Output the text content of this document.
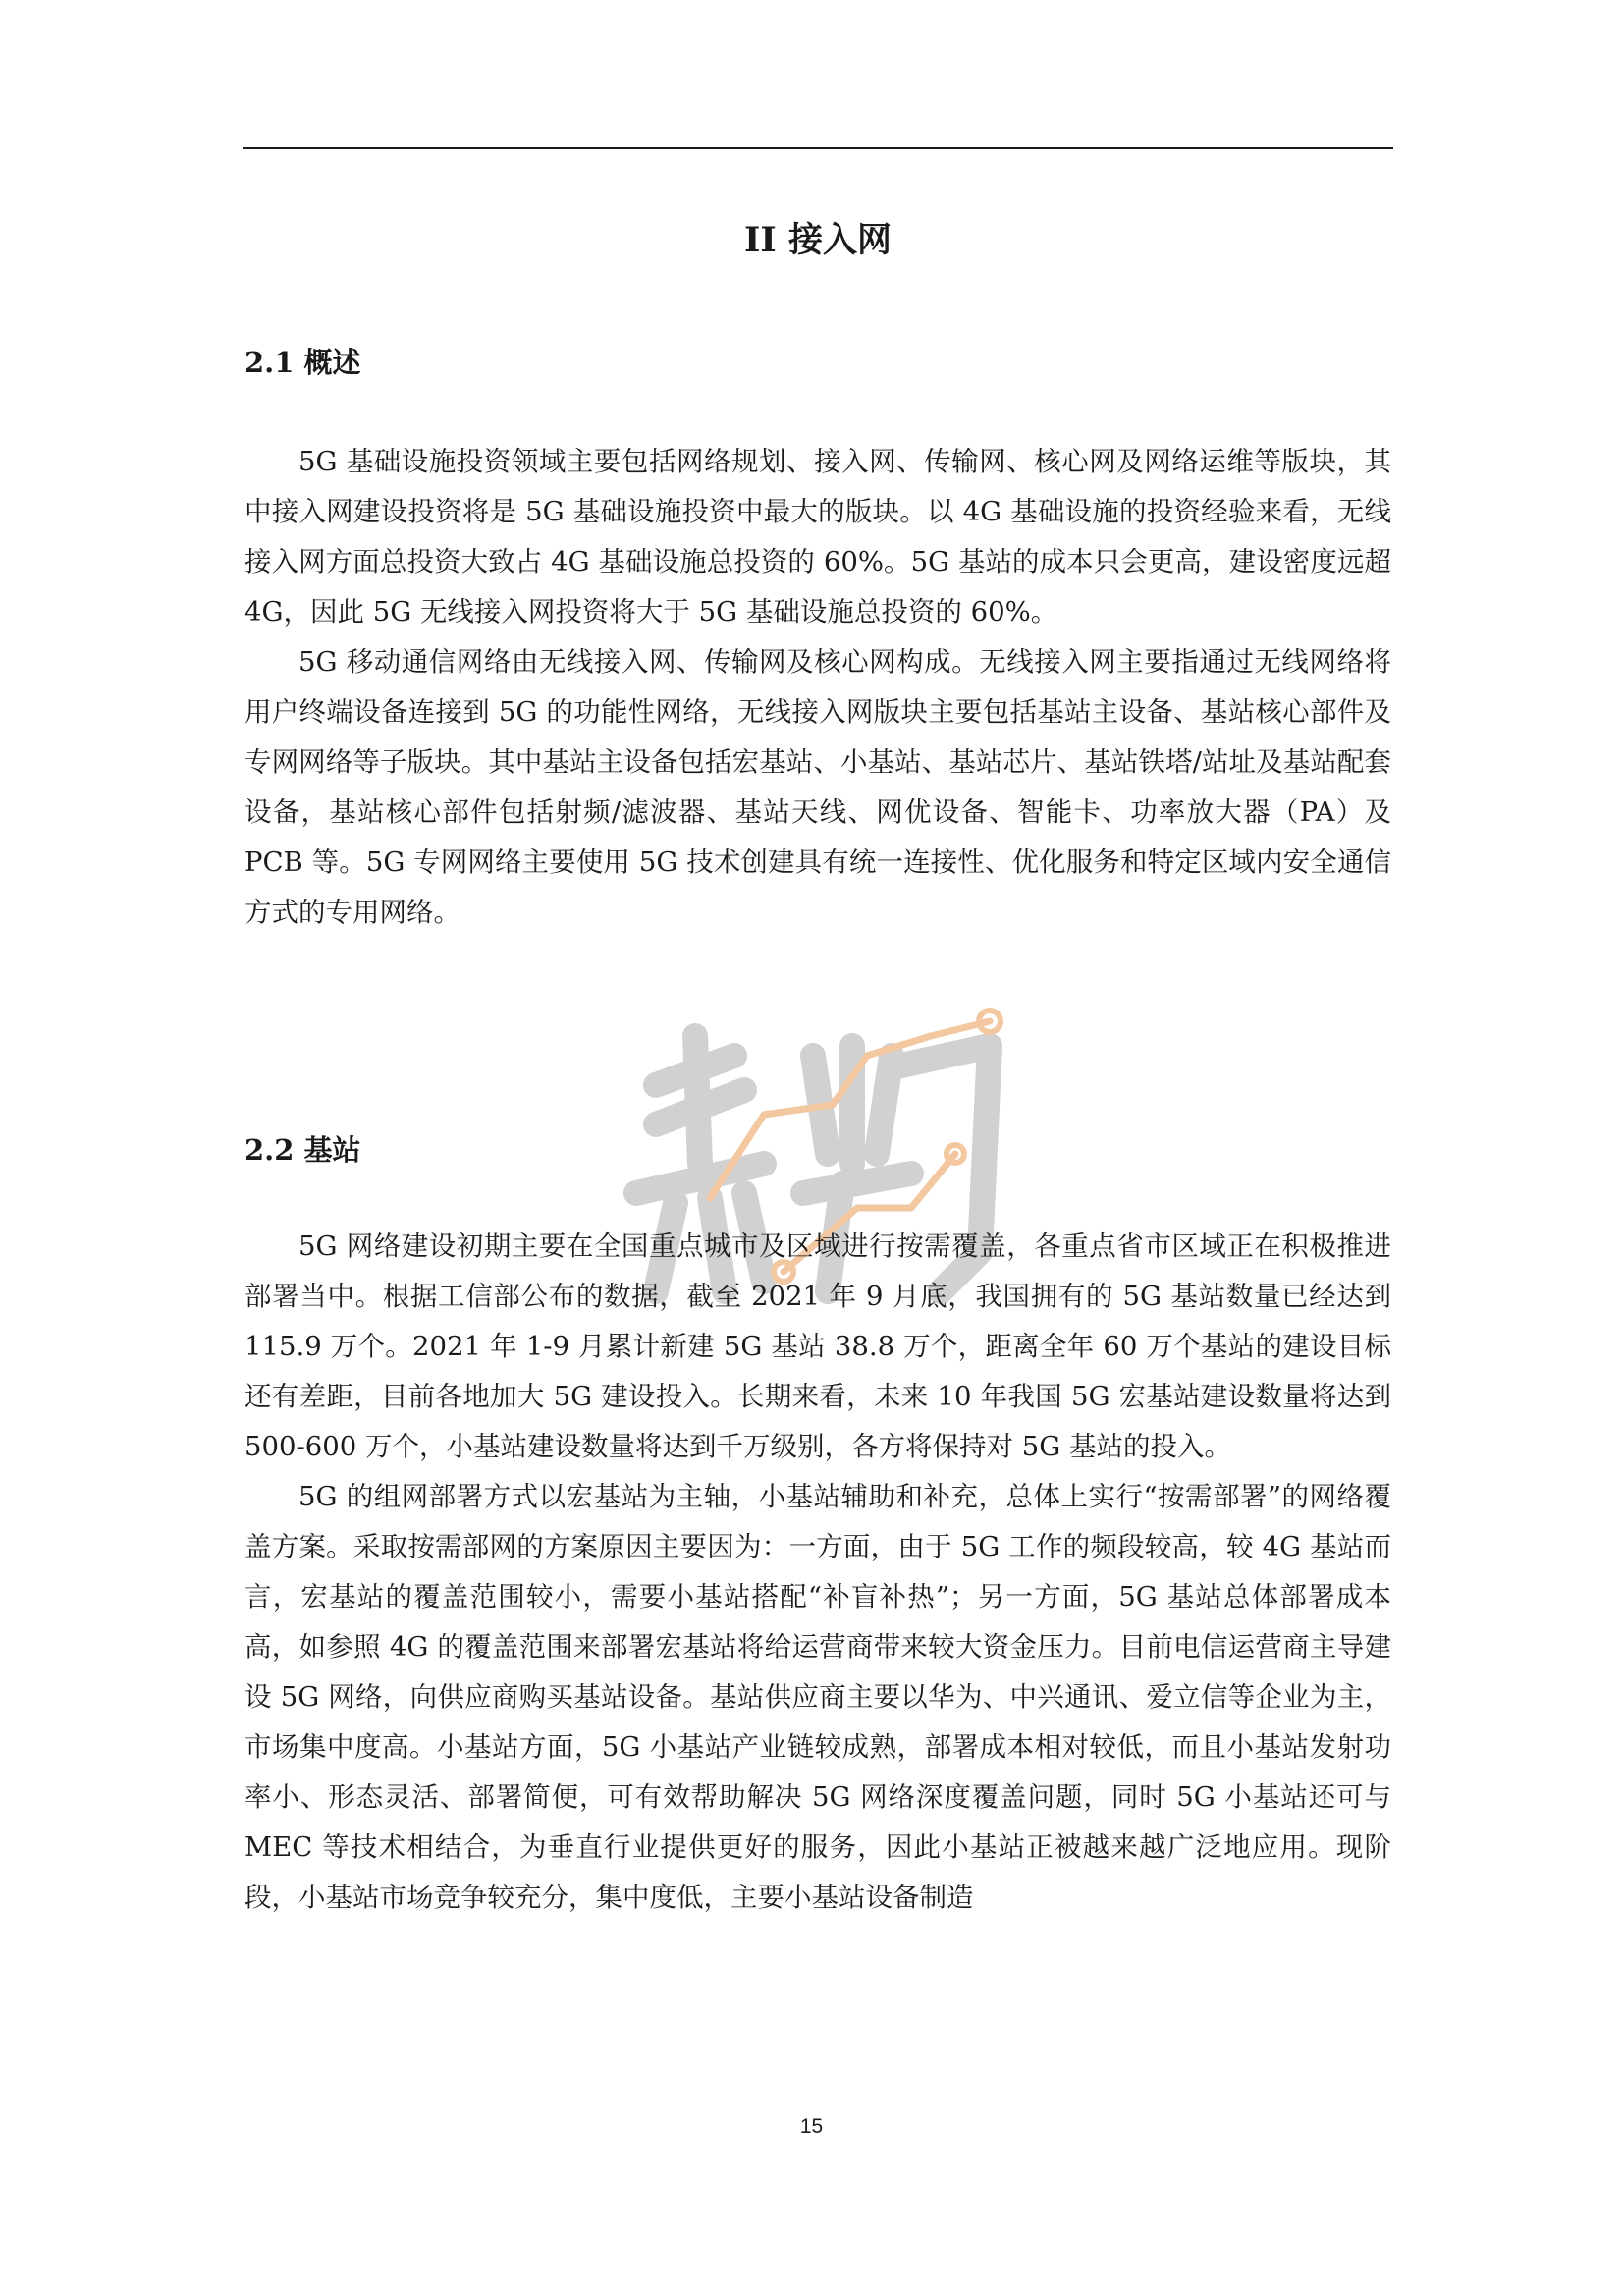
II 接入网
2.1 概述

5G 基础设施投资领域主要包括网络规划、接入网、传输网、核心网及网络运维等版块，其中接入网建设投资将是 5G 基础设施投资中最大的版块。以 4G 基础设施的投资经验来看，无线接入网方面总投资大致占 4G 基础设施总投资的 60%。5G 基站的成本只会更高，建设密度远超 4G，因此 5G 无线接入网投资将大于 5G 基础设施总投资的 60%。

5G 移动通信网络由无线接入网、传输网及核心网构成。无线接入网主要指通过无线网络将用户终端设备连接到 5G 的功能性网络，无线接入网版块主要包括基站主设备、基站核心部件及专网网络等子版块。其中基站主设备包括宏基站、小基站、基站芯片、基站铁塔/站址及基站配套设备，基站核心部件包括射频/滤波器、基站天线、网优设备、智能卡、功率放大器（PA）及 PCB 等。5G 专网网络主要使用 5G 技术创建具有统一连接性、优化服务和特定区域内安全通信方式的专用网络。

2.2 基站

5G 网络建设初期主要在全国重点城市及区域进行按需覆盖，各重点省市区域正在积极推进部署当中。根据工信部公布的数据，截至 2021 年 9 月底，我国拥有的 5G 基站数量已经达到 115.9 万个。2021 年 1-9 月累计新建 5G 基站 38.8 万个，距离全年 60 万个基站的建设目标还有差距，目前各地加大 5G 建设投入。长期来看，未来 10 年我国 5G 宏基站建设数量将达到 500-600 万个，小基站建设数量将达到千万级别，各方将保持对 5G 基站的投入。

5G 的组网部署方式以宏基站为主轴，小基站辅助和补充，总体上实行“按需部署”的网络覆盖方案。采取按需部网的方案原因主要因为：一方面，由于 5G 工作的频段较高，较 4G 基站而言，宏基站的覆盖范围较小，需要小基站搭配“补盲补热”；另一方面，5G 基站总体部署成本高，如参照 4G 的覆盖范围来部署宏基站将给运营商带来较大资金压力。目前电信运营商主导建设 5G 网络，向供应商购买基站设备。基站供应商主要以华为、中兴通讯、爱立信等企业为主，市场集中度高。小基站方面，5G 小基站产业链较成熟，部署成本相对较低，而且小基站发射功率小、形态灵活、部署简便，可有效帮助解决 5G 网络深度覆盖问题，同时 5G 小基站还可与 MEC 等技术相结合，为垂直行业提供更好的服务，因此小基站正被越来越广泛地应用。现阶段，小基站市场竞争较充分，集中度低，主要小基站设备制造

15
